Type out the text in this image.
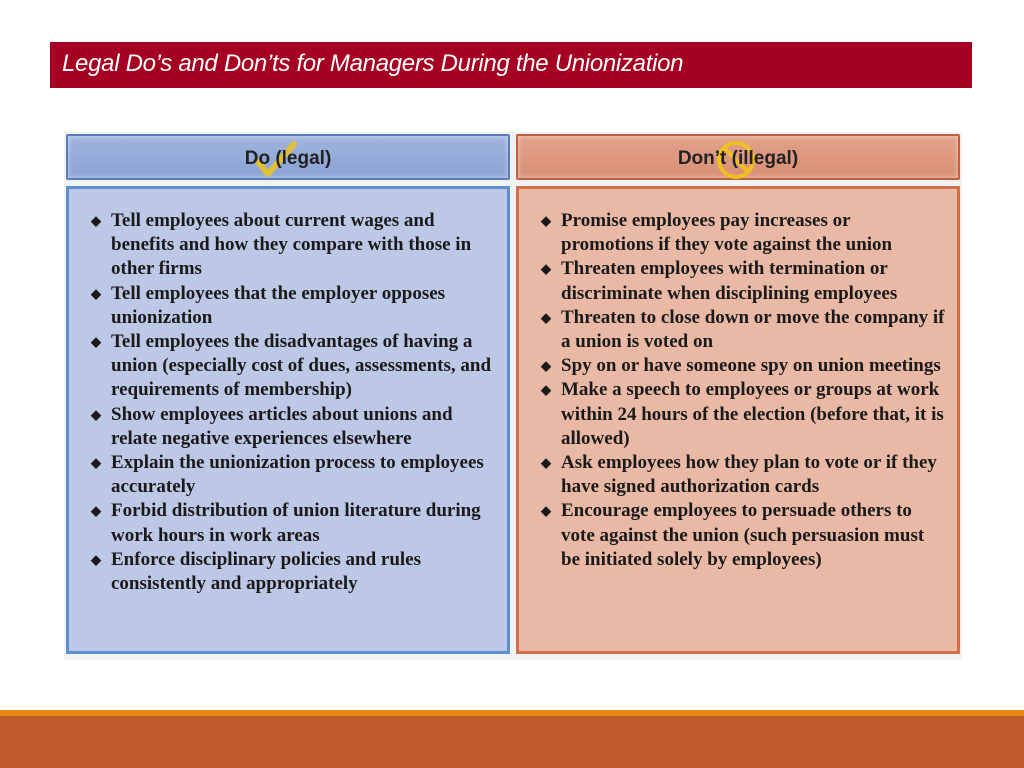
Legal Do’s and Don’ts for Managers During the Unionization
Do (legal)	Don’t (illegal)
◆ Tell employees about current wages and benefits and how they compare with those in other firms
◆ Tell employees that the employer opposes unionization
◆ Tell employees the disadvantages of having a union (especially cost of dues, assessments, and requirements of membership)
◆ Show employees articles about unions and relate negative experiences elsewhere
◆ Explain the unionization process to employees accurately
◆ Forbid distribution of union literature during work hours in work areas
◆ Enforce disciplinary policies and rules consistently and appropriately
◆ Promise employees pay increases or promotions if they vote against the union
◆ Threaten employees with termination or discriminate when disciplining employees
◆ Threaten to close down or move the company if a union is voted on
◆ Spy on or have someone spy on union meetings
◆ Make a speech to employees or groups at work within 24 hours of the election (before that, it is allowed)
◆ Ask employees how they plan to vote or if they have signed authorization cards
◆ Encourage employees to persuade others to vote against the union (such persuasion must be initiated solely by employees)
